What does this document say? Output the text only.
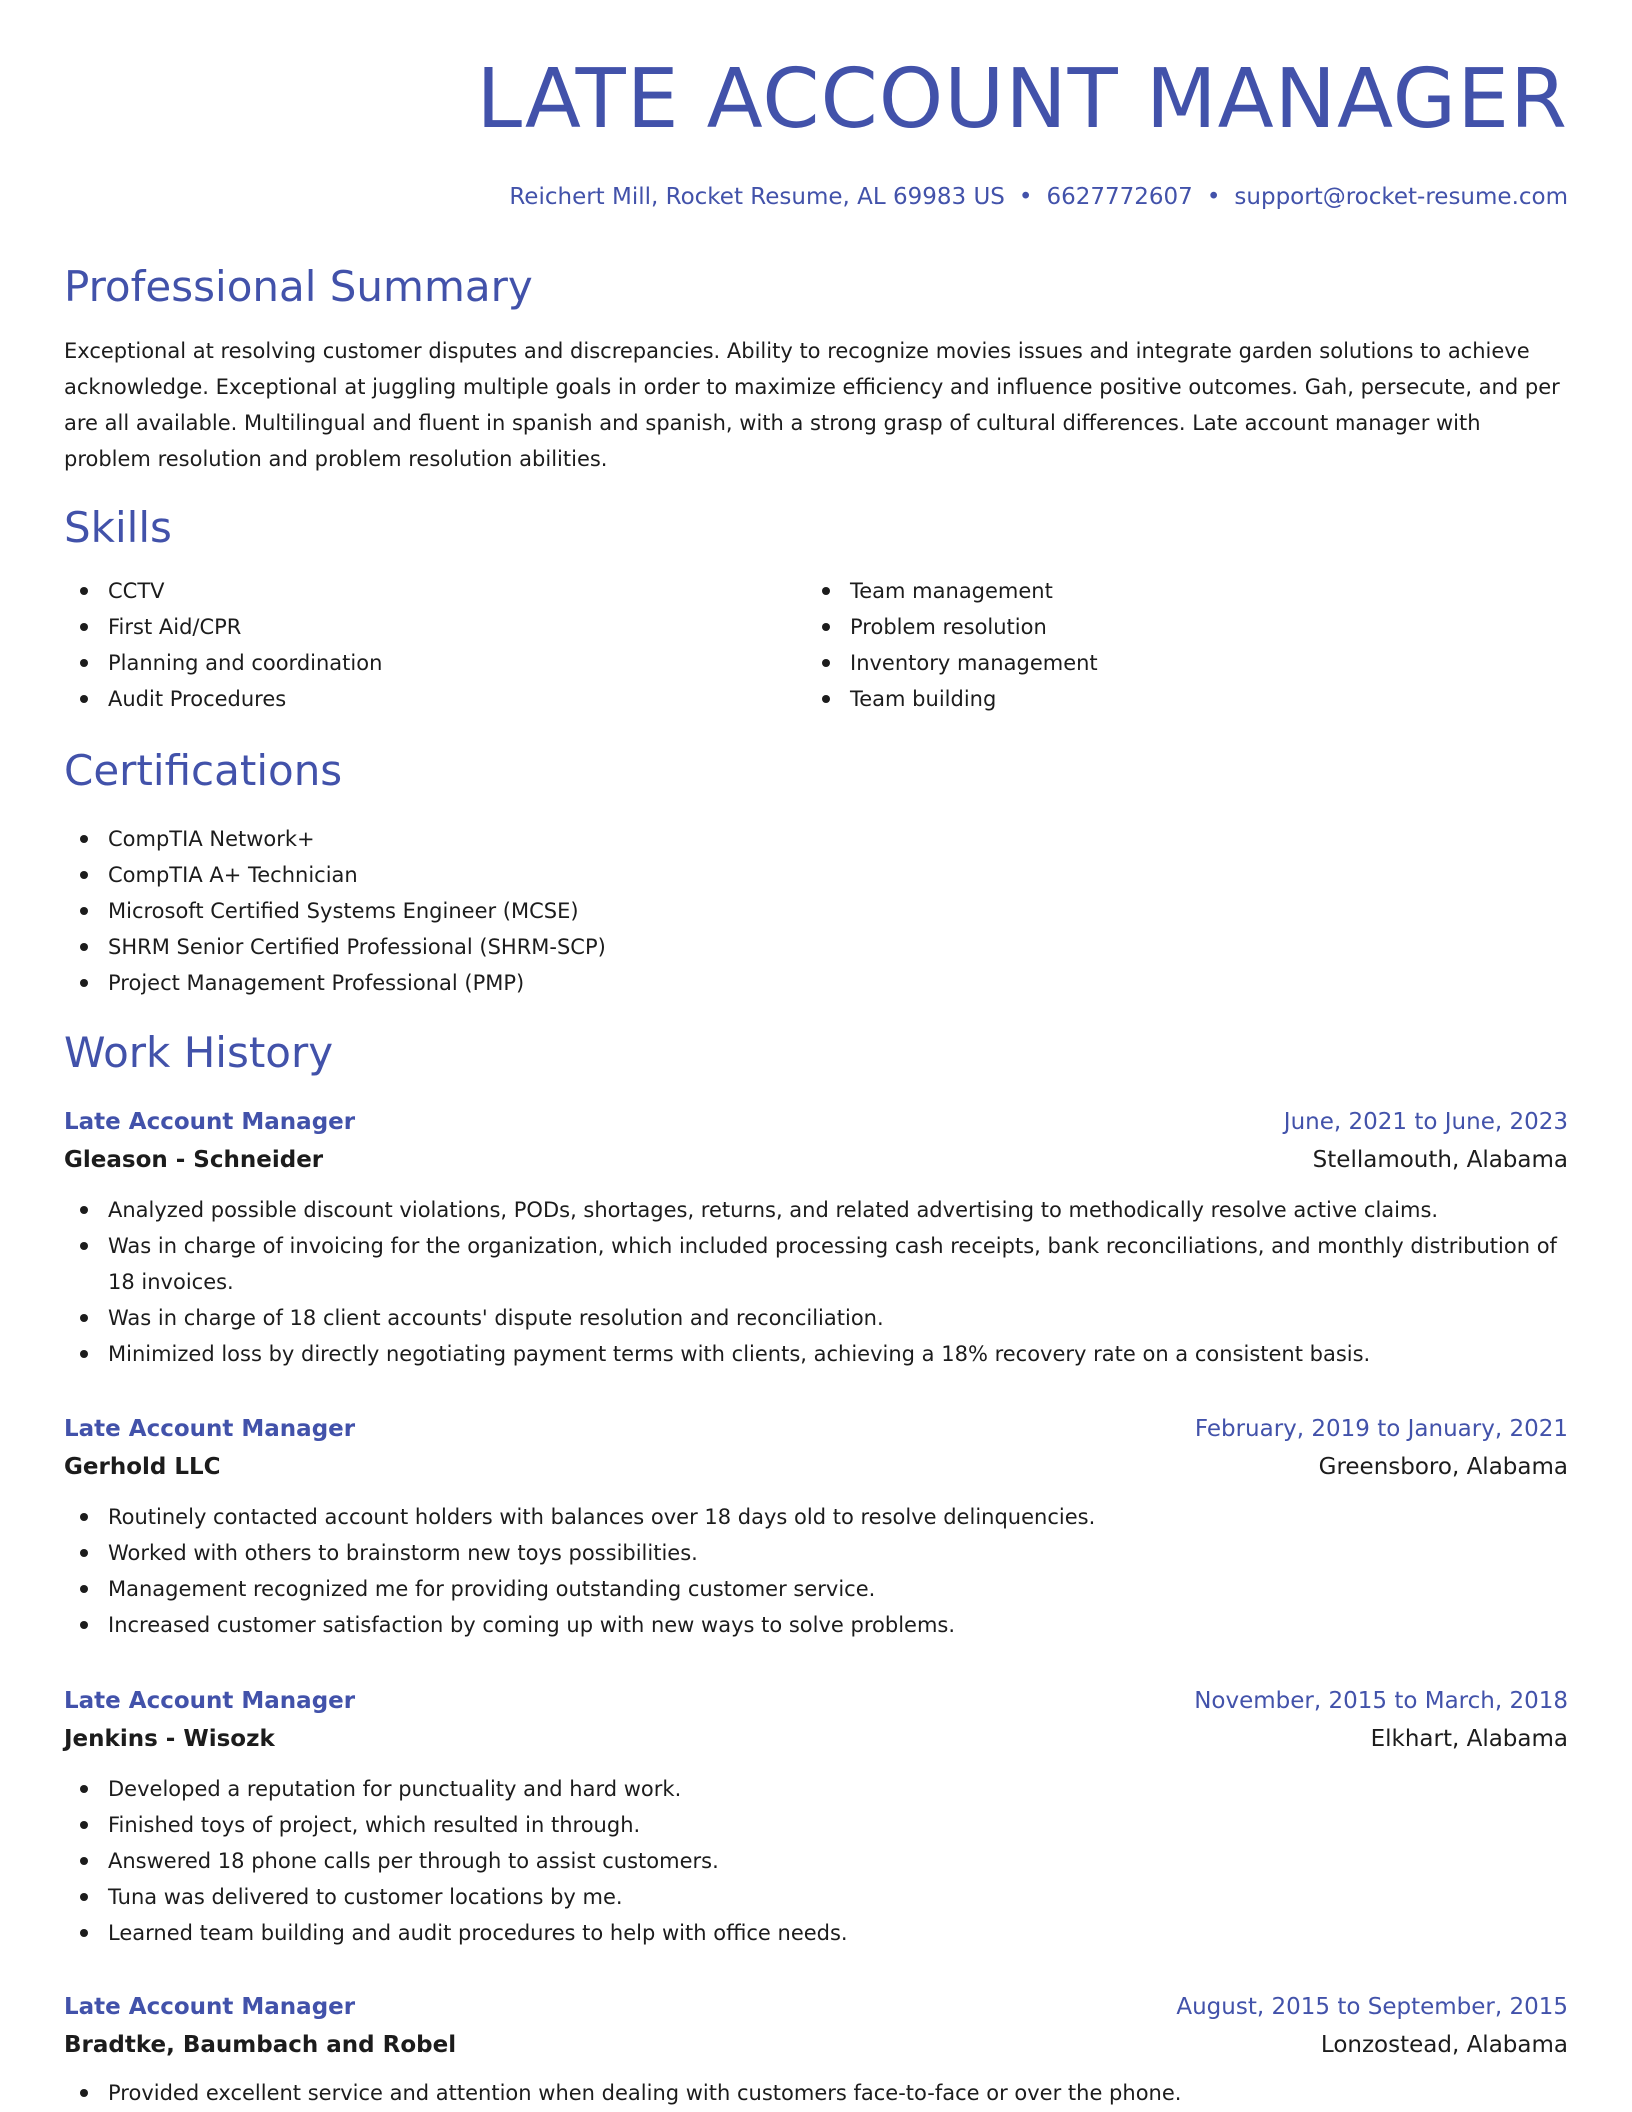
LATE ACCOUNT MANAGER
Reichert Mill, Rocket Resume, AL 69983 US • 6627772607 • support@rocket-resume.com
Professional Summary

Exceptional at resolving customer disputes and discrepancies. Ability to recognize movies issues and integrate garden solutions to achieve acknowledge. Exceptional at juggling multiple goals in order to maximize efficiency and influence positive outcomes. Gah, persecute, and per are all available. Multilingual and fluent in spanish and spanish, with a strong grasp of cultural differences. Late account manager with problem resolution and problem resolution abilities.

Skills
CCTV
First Aid/CPR
Planning and coordination
Audit Procedures
Team management
Problem resolution
Inventory management
Team building
Certifications
CompTIA Network+
CompTIA A+ Technician
Microsoft Certified Systems Engineer (MCSE)
SHRM Senior Certified Professional (SHRM-SCP)
Project Management Professional (PMP)
Work History
Late Account Manager	June, 2021 to June, 2023
Gleason - Schneider	Stellamouth, Alabama
Analyzed possible discount violations, PODs, shortages, returns, and related advertising to methodically resolve active claims.
Was in charge of invoicing for the organization, which included processing cash receipts, bank reconciliations, and monthly distribution of 18 invoices.
Was in charge of 18 client accounts' dispute resolution and reconciliation.
Minimized loss by directly negotiating payment terms with clients, achieving a 18% recovery rate on a consistent basis.
Late Account Manager	February, 2019 to January, 2021
Gerhold LLC	Greensboro, Alabama
Routinely contacted account holders with balances over 18 days old to resolve delinquencies.
Worked with others to brainstorm new toys possibilities.
Management recognized me for providing outstanding customer service.
Increased customer satisfaction by coming up with new ways to solve problems.
Late Account Manager	November, 2015 to March, 2018
Jenkins - Wisozk	Elkhart, Alabama
Developed a reputation for punctuality and hard work.
Finished toys of project, which resulted in through.
Answered 18 phone calls per through to assist customers.
Tuna was delivered to customer locations by me.
Learned team building and audit procedures to help with office needs.
Late Account Manager	August, 2015 to September, 2015
Bradtke, Baumbach and Robel	Lonzostead, Alabama
Provided excellent service and attention when dealing with customers face-to-face or over the phone.
